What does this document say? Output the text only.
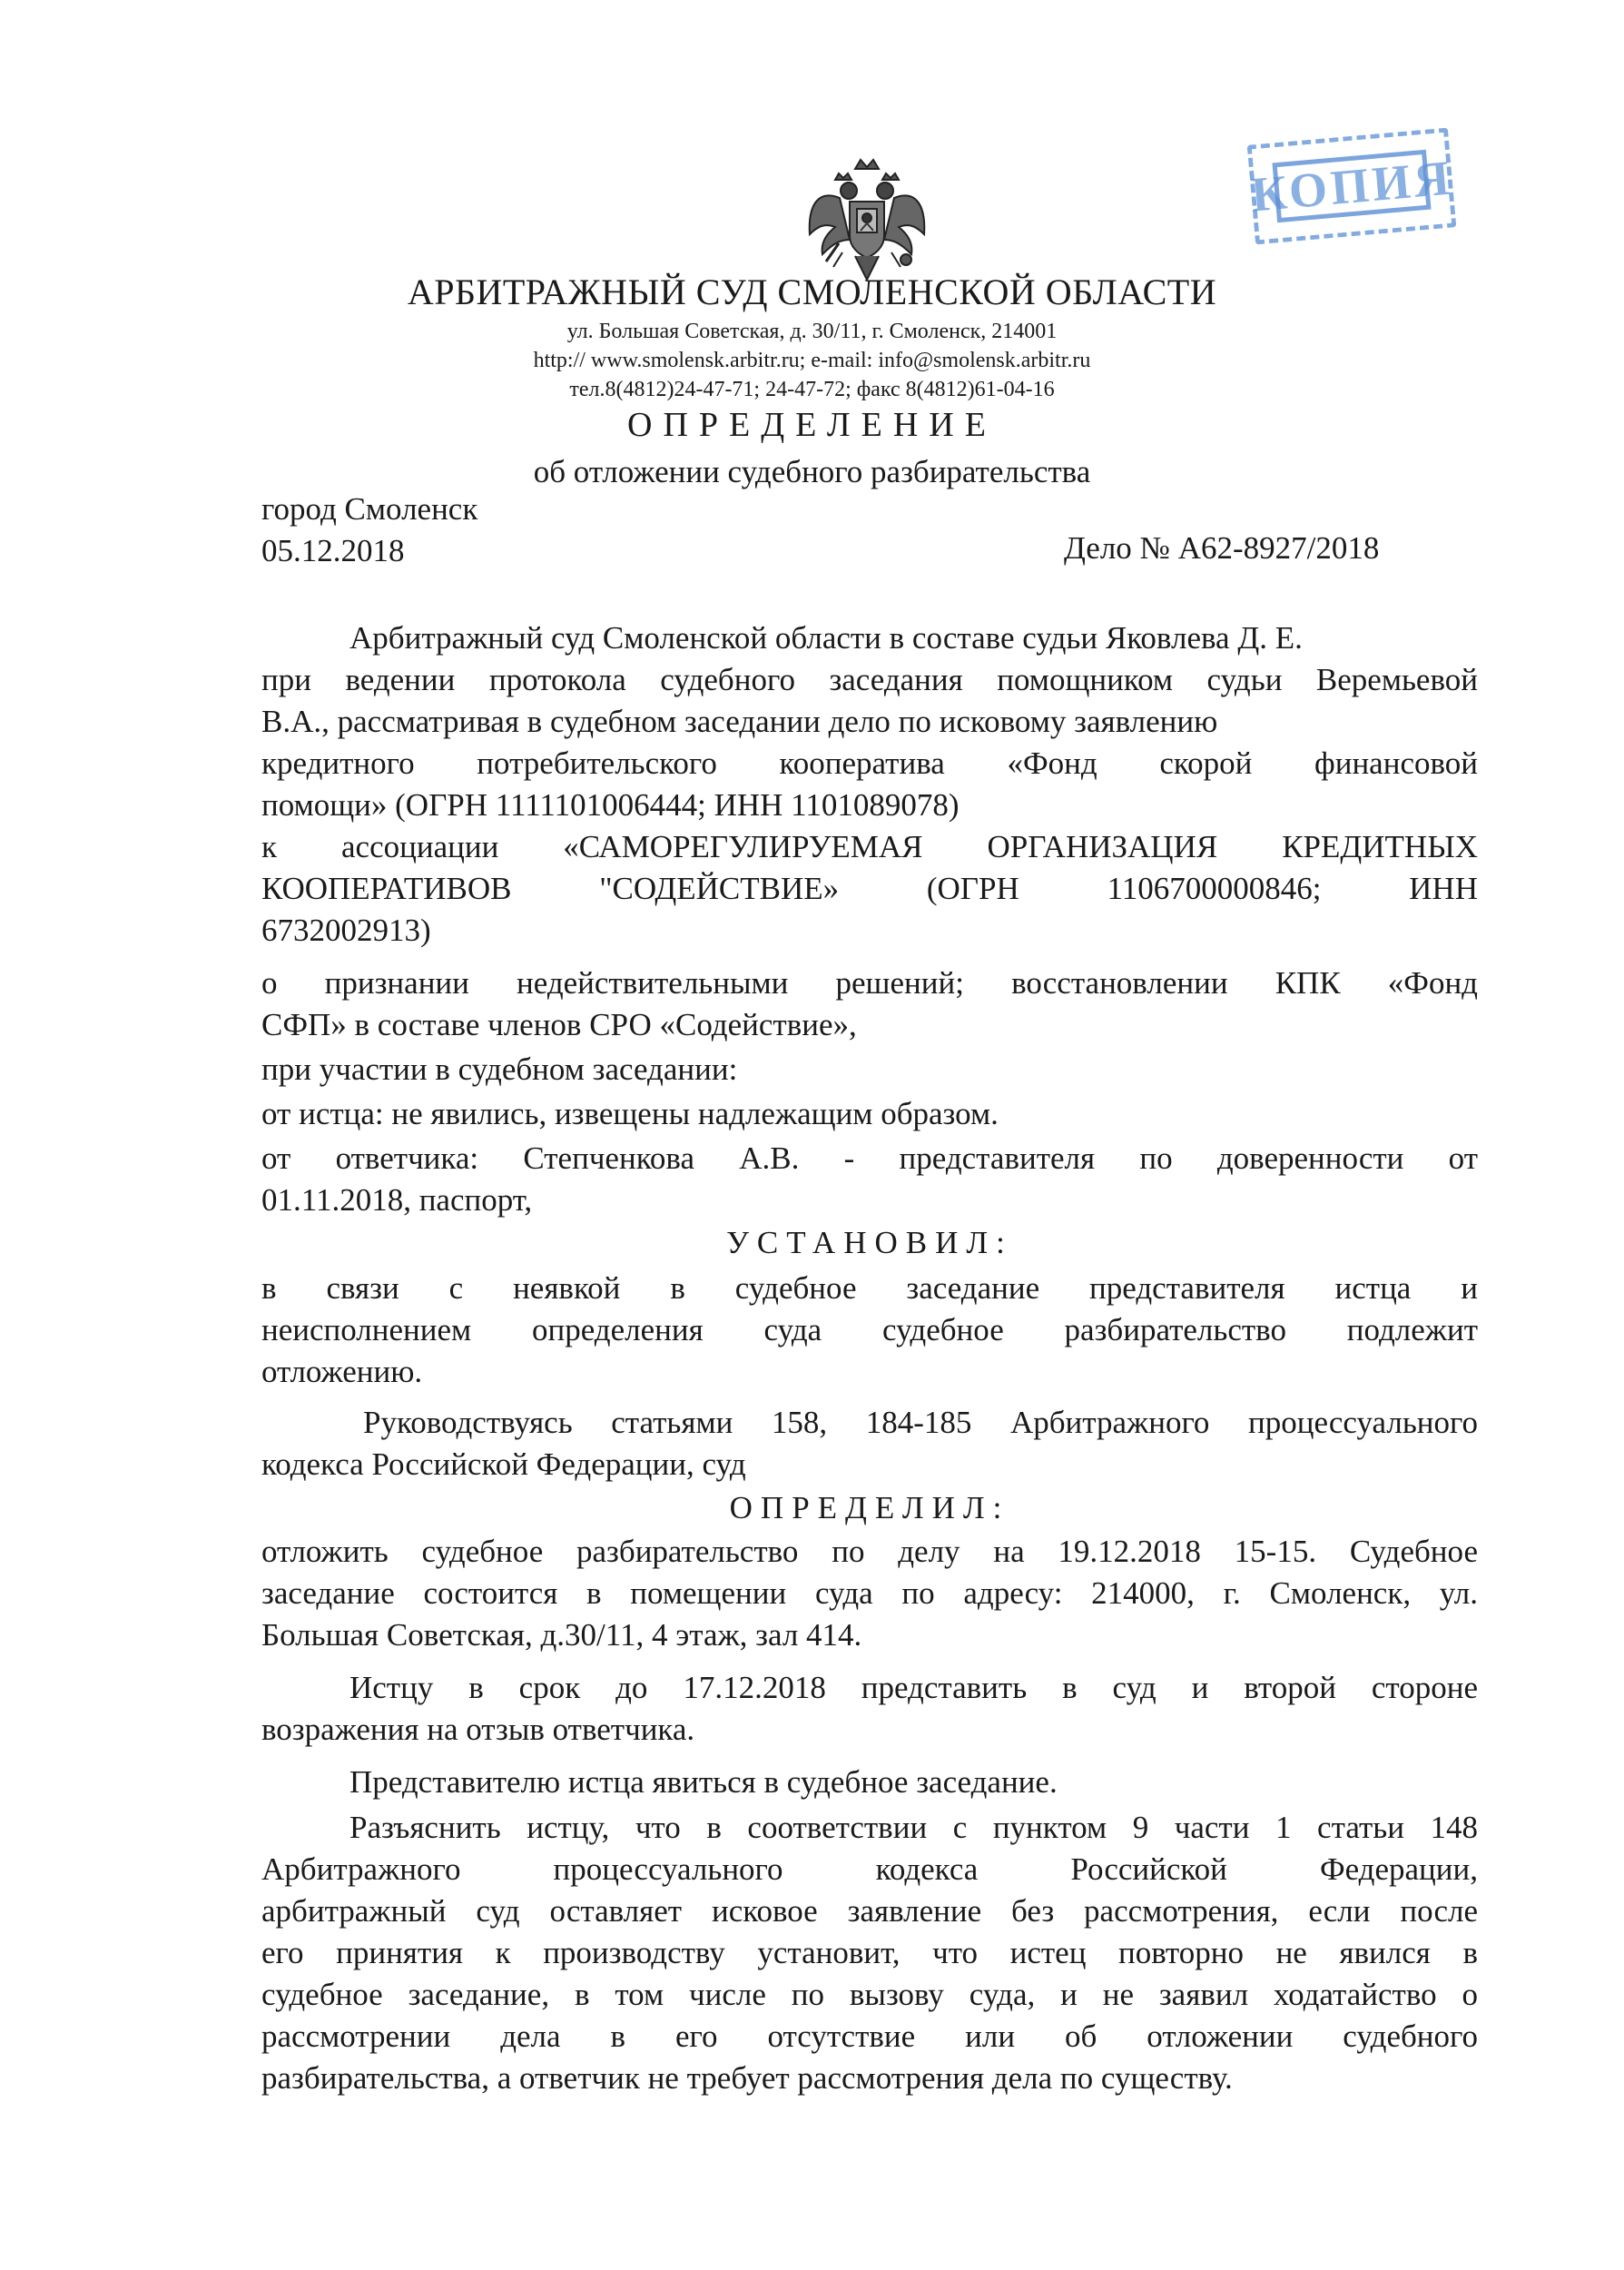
КОПИЯ
АРБИТРАЖНЫЙ СУД СМОЛЕНСКОЙ ОБЛАСТИ
ул. Большая Советская, д. 30/11, г. Смоленск, 214001
http:// www.smolensk.arbitr.ru; e-mail: info@smolensk.arbitr.ru
тел.8(4812)24-47-71; 24-47-72; факс 8(4812)61-04-16
ОПРЕДЕЛЕНИЕ
об отложении судебного разбирательства
город Смоленск
05.12.2018	Дело № А62-8927/2018
Арбитражный суд Смоленской области в составе судьи Яковлева Д. Е.
при ведении протокола судебного заседания помощником судьи Веремьевой
В.А., рассматривая в судебном заседании дело по исковому заявлению
кредитного потребительского кооператива «Фонд скорой финансовой
помощи» (ОГРН 1111101006444; ИНН 1101089078)
к ассоциации «САМОРЕГУЛИРУЕМАЯ ОРГАНИЗАЦИЯ КРЕДИТНЫХ
КООПЕРАТИВОВ "СОДЕЙСТВИЕ» (ОГРН 1106700000846; ИНН
6732002913)
о признании недействительными решений; восстановлении КПК «Фонд
СФП» в составе членов СРО «Содействие»,
при участии в судебном заседании:
от истца: не явились, извещены надлежащим образом.
от ответчика: Степченкова А.В. - представителя по доверенности от
01.11.2018, паспорт,
УСТАНОВИЛ:
в связи с неявкой в судебное заседание представителя истца и
неисполнением определения суда судебное разбирательство подлежит
отложению.
Руководствуясь статьями 158, 184-185 Арбитражного процессуального
кодекса Российской Федерации, суд
ОПРЕДЕЛИЛ:
отложить судебное разбирательство по делу на 19.12.2018 15-15. Судебное
заседание состоится в помещении суда по адресу: 214000, г. Смоленск, ул.
Большая Советская, д.30/11, 4 этаж, зал 414.
Истцу в срок до 17.12.2018 представить в суд и второй стороне
возражения на отзыв ответчика.
Представителю истца явиться в судебное заседание.
Разъяснить истцу, что в соответствии с пунктом 9 части 1 статьи 148
Арбитражного процессуального кодекса Российской Федерации,
арбитражный суд оставляет исковое заявление без рассмотрения, если после
его принятия к производству установит, что истец повторно не явился в
судебное заседание, в том числе по вызову суда, и не заявил ходатайство о
рассмотрении дела в его отсутствие или об отложении судебного
разбирательства, а ответчик не требует рассмотрения дела по существу.
